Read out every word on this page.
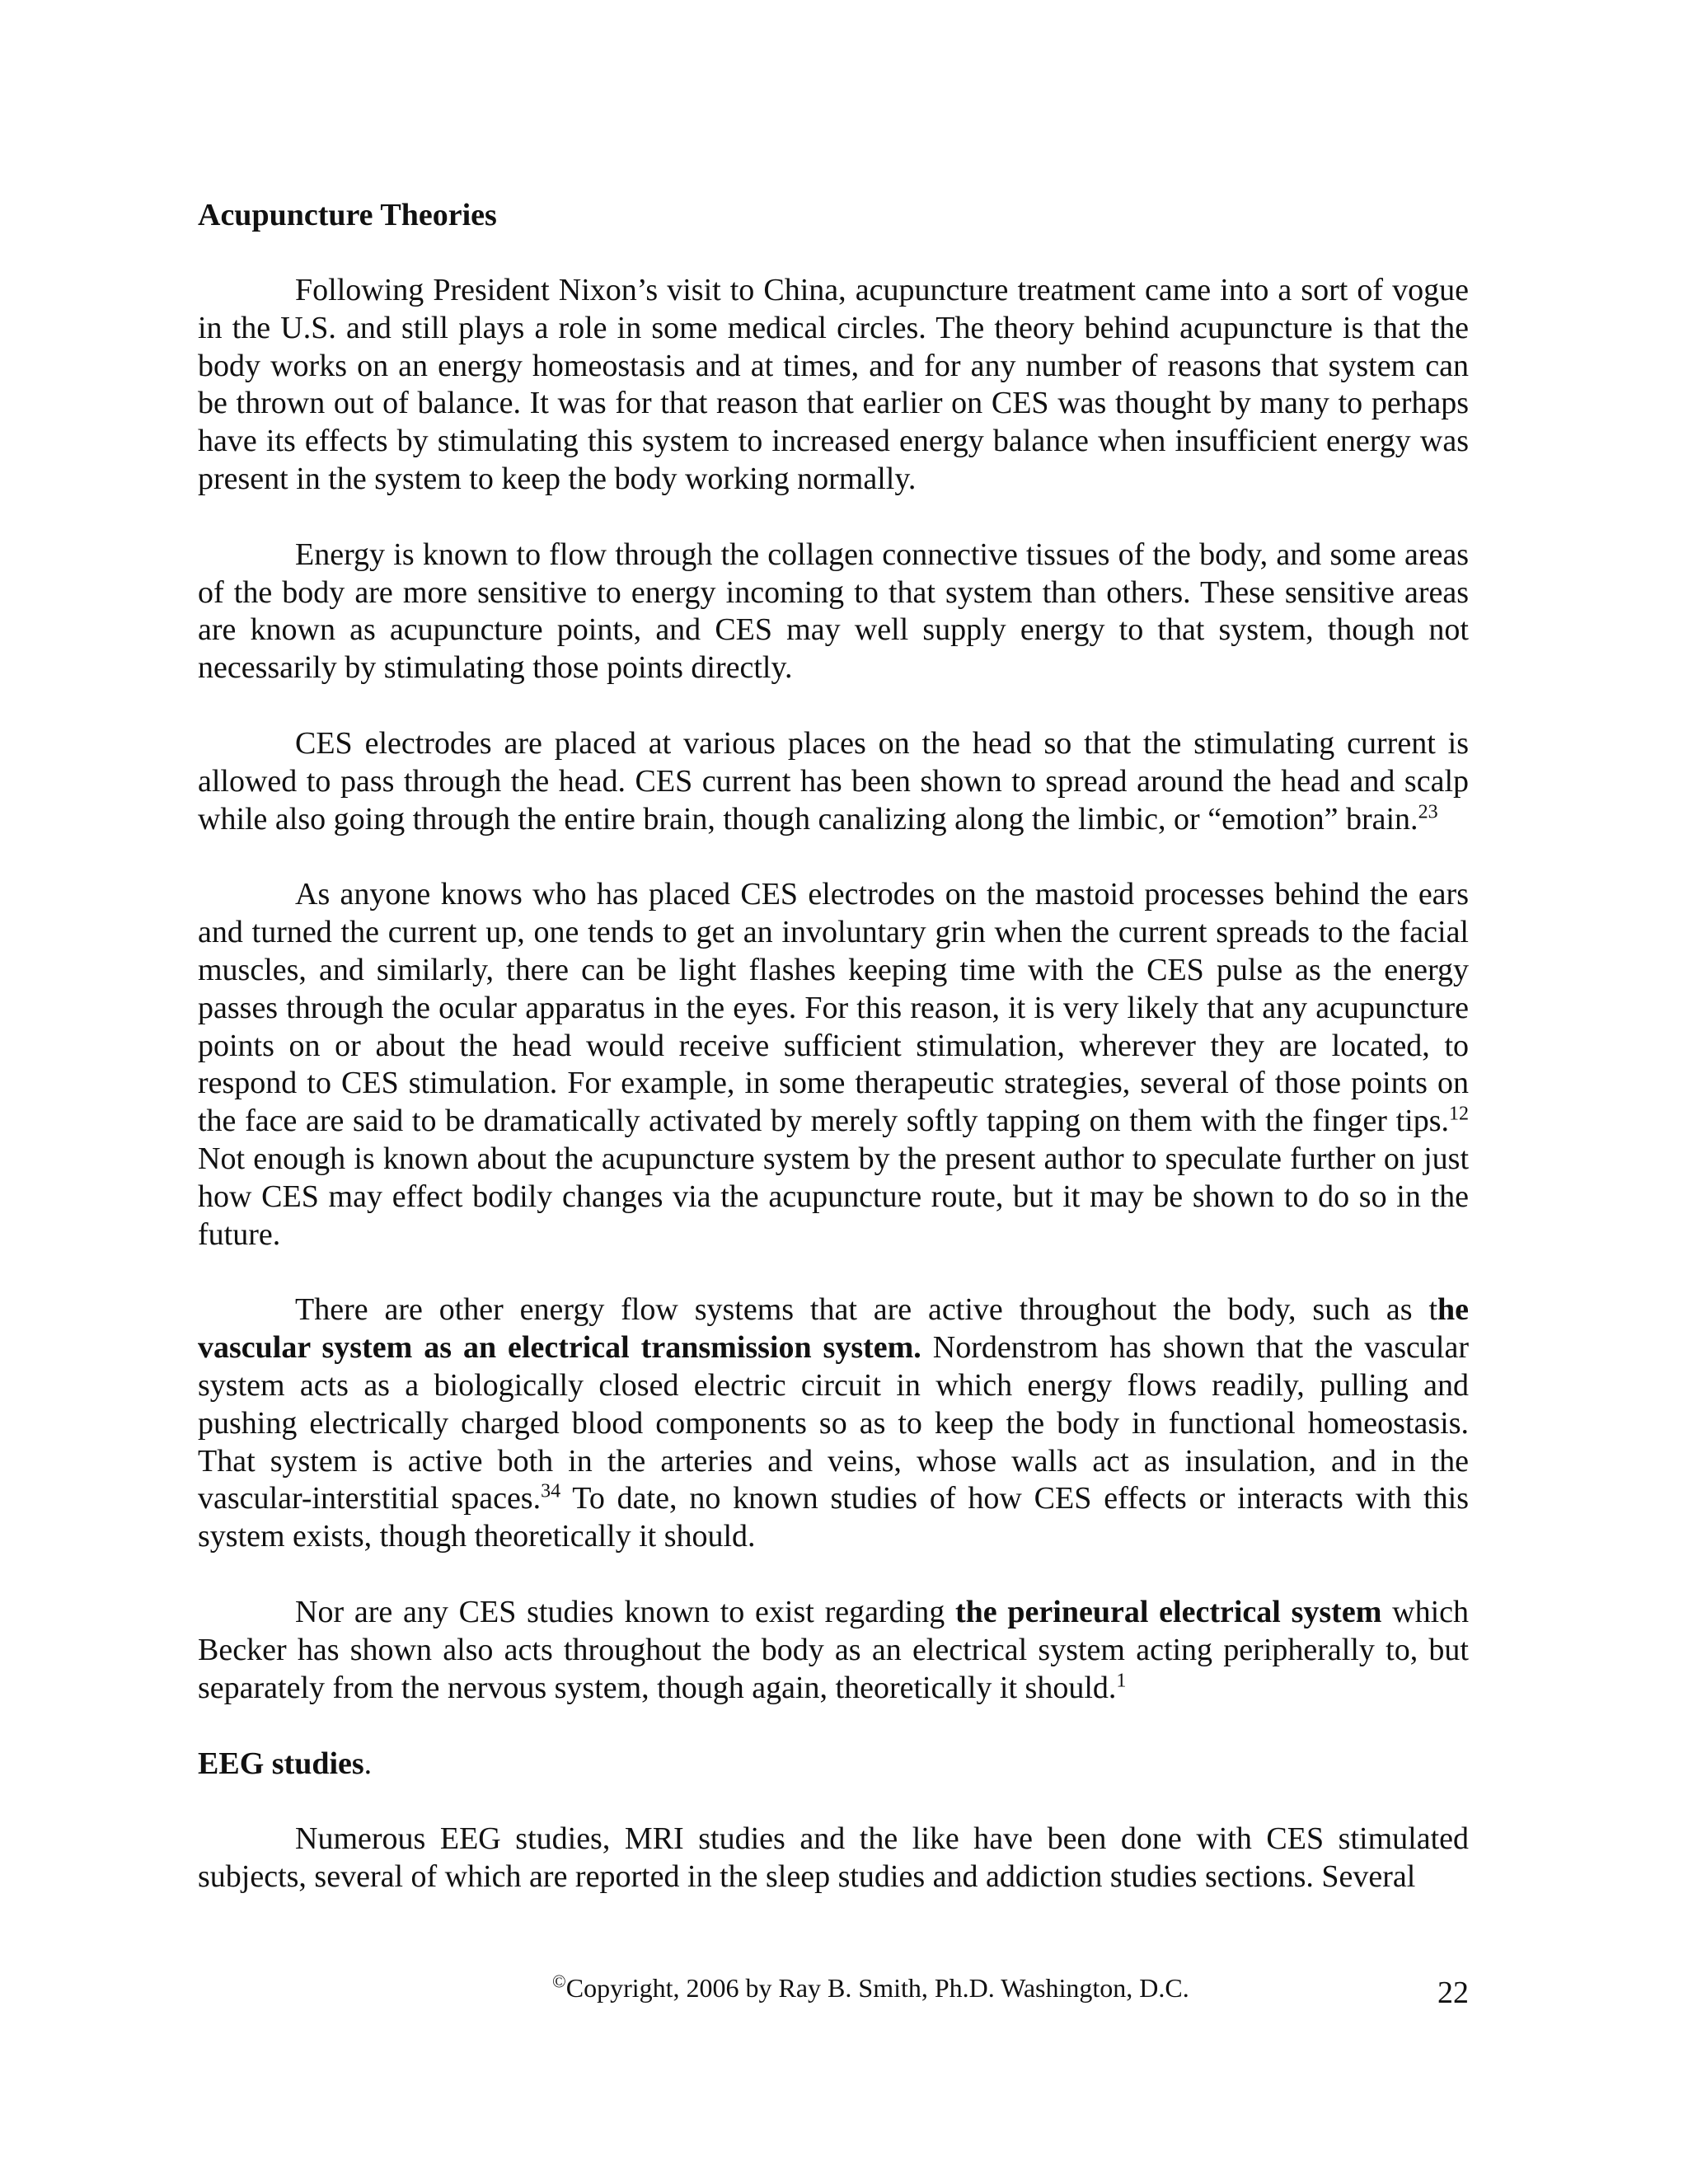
Acupuncture Theories

Following President Nixon’s visit to China, acupuncture treatment came into a sort of vogue in the U.S. and still plays a role in some medical circles. The theory behind acupuncture is that the body works on an energy homeostasis and at times, and for any number of reasons that system can be thrown out of balance. It was for that reason that earlier on CES was thought by many to perhaps have its effects by stimulating this system to increased energy balance when insufficient energy was present in the system to keep the body working normally.

Energy is known to flow through the collagen connective tissues of the body, and some areas of the body are more sensitive to energy incoming to that system than others. These sensitive areas are known as acupuncture points, and CES may well supply energy to that system, though not necessarily by stimulating those points directly.

CES electrodes are placed at various places on the head so that the stimulating current is allowed to pass through the head. CES current has been shown to spread around the head and scalp while also going through the entire brain, though canalizing along the limbic, or “emotion” brain.$^{23}$

As anyone knows who has placed CES electrodes on the mastoid processes behind the ears and turned the current up, one tends to get an involuntary grin when the current spreads to the facial muscles, and similarly, there can be light flashes keeping time with the CES pulse as the energy passes through the ocular apparatus in the eyes. For this reason, it is very likely that any acupuncture points on or about the head would receive sufficient stimulation, wherever they are located, to respond to CES stimulation. For example, in some therapeutic strategies, several of those points on the face are said to be dramatically activated by merely softly tapping on them with the finger tips.$^{12}$ Not enough is known about the acupuncture system by the present author to speculate further on just how CES may effect bodily changes via the acupuncture route, but it may be shown to do so in the future.

There are other energy flow systems that are active throughout the body, such as the vascular system as an electrical transmission system. Nordenstrom has shown that the vascular system acts as a biologically closed electric circuit in which energy flows readily, pulling and pushing electrically charged blood components so as to keep the body in functional homeostasis. That system is active both in the arteries and veins, whose walls act as insulation, and in the vascular-interstitial spaces.$^{34}$ To date, no known studies of how CES effects or interacts with this system exists, though theoretically it should.

Nor are any CES studies known to exist regarding the perineural electrical system which Becker has shown also acts throughout the body as an electrical system acting peripherally to, but separately from the nervous system, though again, theoretically it should.$^1$

EEG studies.

Numerous EEG studies, MRI studies and the like have been done with CES stimulated subjects, several of which are reported in the sleep studies and addiction studies sections. Several

©Copyright, 2006 by Ray B. Smith, Ph.D. Washington, D.C.	22
